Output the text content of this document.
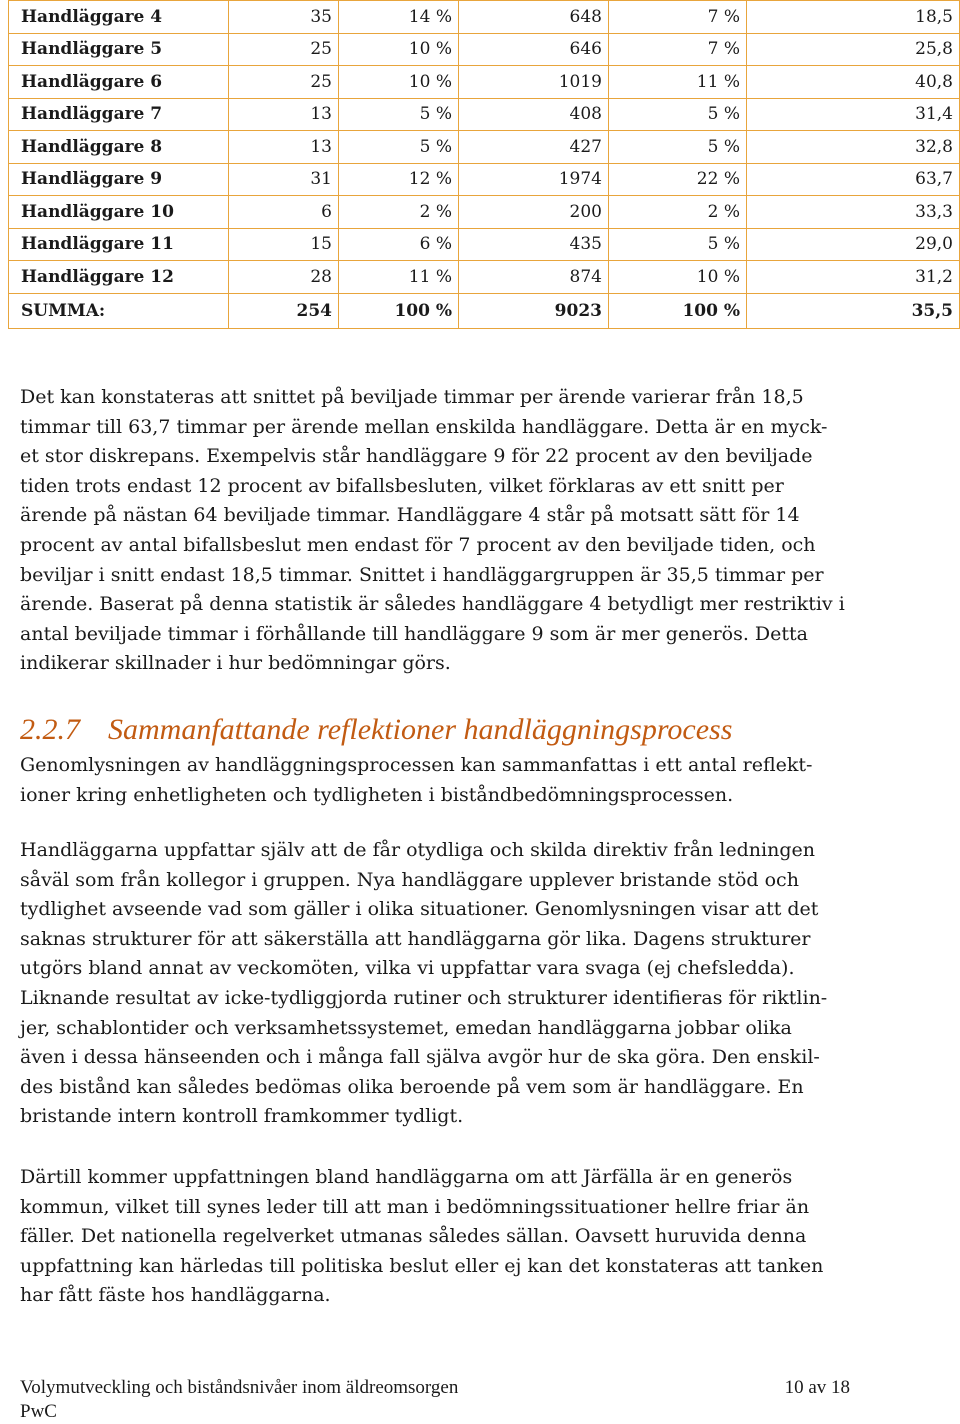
Handläggare 4	35	14 %	648	7 %	18,5
Handläggare 5	25	10 %	646	7 %	25,8
Handläggare 6	25	10 %	1019	11 %	40,8
Handläggare 7	13	5 %	408	5 %	31,4
Handläggare 8	13	5 %	427	5 %	32,8
Handläggare 9	31	12 %	1974	22 %	63,7
Handläggare 10	6	2 %	200	2 %	33,3
Handläggare 11	15	6 %	435	5 %	29,0
Handläggare 12	28	11 %	874	10 %	31,2
SUMMA:	254	100 %	9023	100 %	35,5

Det kan konstateras att snittet på beviljade timmar per ärende varierar från 18,5
timmar till 63,7 timmar per ärende mellan enskilda handläggare. Detta är en myck-
et stor diskrepans. Exempelvis står handläggare 9 för 22 procent av den beviljade
tiden trots endast 12 procent av bifallsbesluten, vilket förklaras av ett snitt per
ärende på nästan 64 beviljade timmar. Handläggare 4 står på motsatt sätt för 14
procent av antal bifallsbeslut men endast för 7 procent av den beviljade tiden, och
beviljar i snitt endast 18,5 timmar. Snittet i handläggargruppen är 35,5 timmar per
ärende. Baserat på denna statistik är således handläggare 4 betydligt mer restriktiv i
antal beviljade timmar i förhållande till handläggare 9 som är mer generös. Detta
indikerar skillnader i hur bedömningar görs.

2.2.7 Sammanfattande reflektioner handläggningsprocess

Genomlysningen av handläggningsprocessen kan sammanfattas i ett antal reflekt-
ioner kring enhetligheten och tydligheten i biståndbedömningsprocessen.

Handläggarna uppfattar själv att de får otydliga och skilda direktiv från ledningen
såväl som från kollegor i gruppen. Nya handläggare upplever bristande stöd och
tydlighet avseende vad som gäller i olika situationer. Genomlysningen visar att det
saknas strukturer för att säkerställa att handläggarna gör lika. Dagens strukturer
utgörs bland annat av veckomöten, vilka vi uppfattar vara svaga (ej chefsledda).
Liknande resultat av icke-tydliggjorda rutiner och strukturer identifieras för riktlin-
jer, schablontider och verksamhetssystemet, emedan handläggarna jobbar olika
även i dessa hänseenden och i många fall själva avgör hur de ska göra. Den enskil-
des bistånd kan således bedömas olika beroende på vem som är handläggare. En
bristande intern kontroll framkommer tydligt.

Därtill kommer uppfattningen bland handläggarna om att Järfälla är en generös
kommun, vilket till synes leder till att man i bedömningssituationer hellre friar än
fäller. Det nationella regelverket utmanas således sällan. Oavsett huruvida denna
uppfattning kan härledas till politiska beslut eller ej kan det konstateras att tanken
har fått fäste hos handläggarna.

Volymutveckling och biståndsnivåer inom äldreomsorgen	10 av 18
PwC
